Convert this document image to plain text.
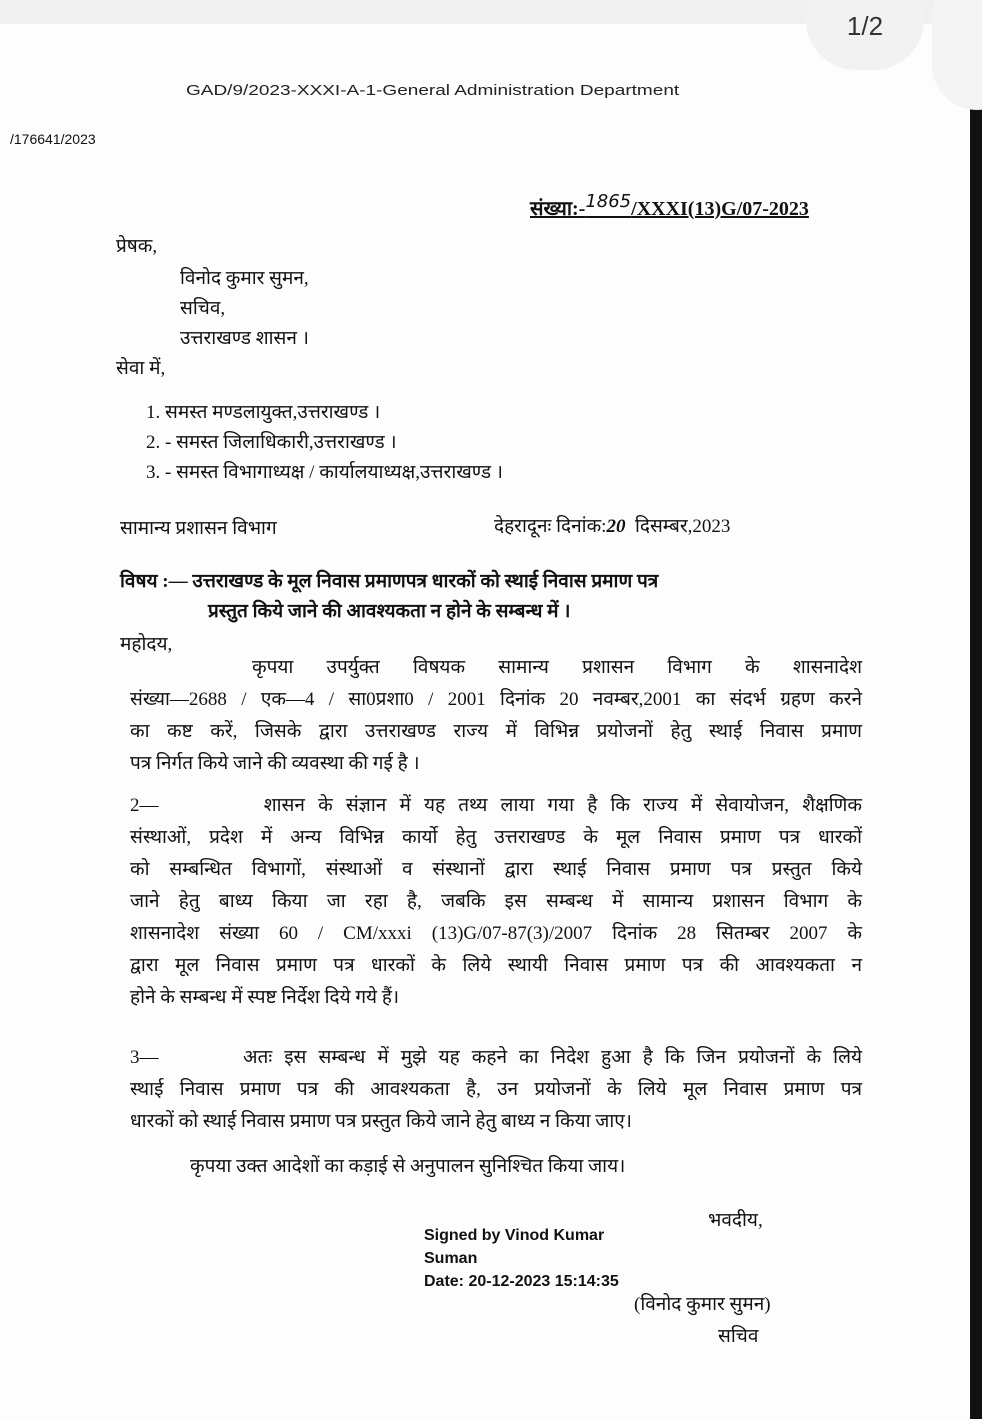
GAD/9/2023-XXXI-A-1-General Administration Department
/176641/2023
संख्या:-1865/XXXI(13)G/07-2023
प्रेषक,
विनोद कुमार सुमन,
सचिव,
उत्तराखण्ड शासन ।
सेवा में,
1. समस्त मण्डलायुक्त,उत्तराखण्ड ।
2. - समस्त जिलाधिकारी,उत्तराखण्ड ।
3. - समस्त विभागाध्यक्ष / कार्यालयाध्यक्ष,उत्तराखण्ड ।
सामान्य प्रशासन विभाग	देहरादूनः दिनांक:20 दिसम्बर,2023
विषय :— उत्तराखण्ड के मूल निवास प्रमाणपत्र धारकों को स्थाई निवास प्रमाण पत्र
प्रस्तुत किये जाने की आवश्यकता न होने के सम्बन्ध में ।
महोदय,
कृपया उपर्युक्त विषयक सामान्य प्रशासन विभाग के शासनादेश
संख्या—2688 / एक—4 / सा0प्रशा0 / 2001 दिनांक 20 नवम्बर,2001 का संदर्भ ग्रहण करने
का कष्ट करें, जिसके द्वारा उत्तराखण्ड राज्य में विभिन्न प्रयोजनों हेतु स्थाई निवास प्रमाण
पत्र निर्गत किये जाने की व्यवस्था की गई है ।
2—        शासन के संज्ञान में यह तथ्य लाया गया है कि राज्य में सेवायोजन, शैक्षणिक
संस्थाओं, प्रदेश में अन्य विभिन्न कार्यो हेतु उत्तराखण्ड के मूल निवास प्रमाण पत्र धारकों
को सम्बन्धित विभागों, संस्थाओं व संस्थानों द्वारा स्थाई निवास प्रमाण पत्र प्रस्तुत किये
जाने हेतु बाध्य किया जा रहा है, जबकि इस सम्बन्ध में सामान्य प्रशासन विभाग के
शासनादेश संख्या 60 / CM/xxxi (13)G/07-87(3)/2007 दिनांक 28 सितम्बर 2007 के
द्वारा मूल निवास प्रमाण पत्र धारकों के लिये स्थायी निवास प्रमाण पत्र की आवश्यकता न
होने के सम्बन्ध में स्पष्ट निर्देश दिये गये हैं।
3—       अतः इस सम्बन्ध में मुझे यह कहने का निदेश हुआ है कि जिन प्रयोजनों के लिये
स्थाई निवास प्रमाण पत्र की आवश्यकता है, उन प्रयोजनों के लिये मूल निवास प्रमाण पत्र
धारकों को स्थाई निवास प्रमाण पत्र प्रस्तुत किये जाने हेतु बाध्य न किया जाए।
कृपया उक्त आदेशों का कड़ाई से अनुपालन सुनिश्चित किया जाय।
Signed by Vinod Kumar
Suman
Date: 20-12-2023 15:14:35
भवदीय,
(विनोद कुमार सुमन)
सचिव
1/2
